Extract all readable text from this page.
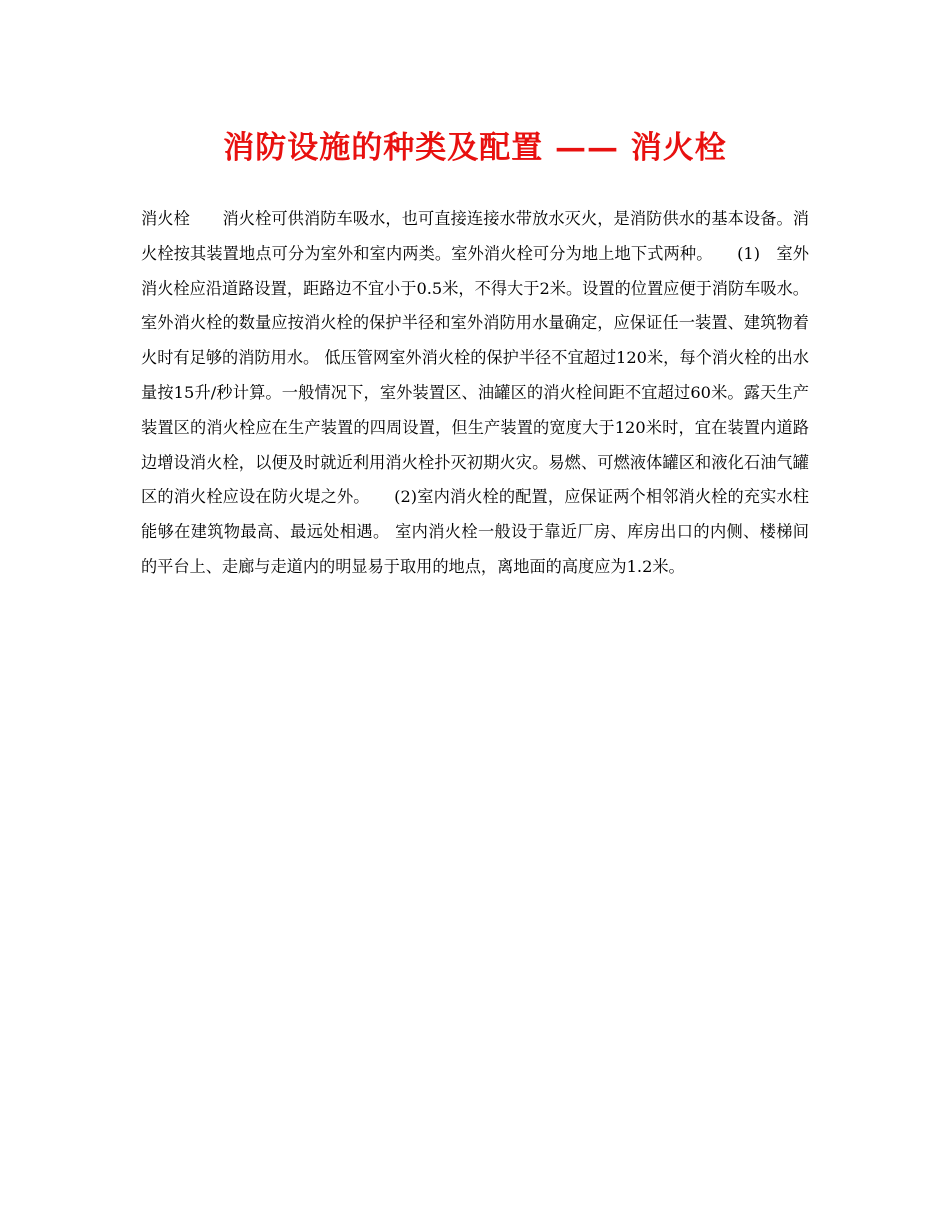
消防设施的种类及配置 —— 消火栓

消火栓　　消火栓可供消防车吸水，也可直接连接水带放水灭火，是消防供水的基本设备。消火栓按其装置地点可分为室外和室内两类。室外消火栓可分为地上地下式两种。　　(1)　室外消火栓应沿道路设置，距路边不宜小于0.5米，不得大于2米。设置的位置应便于消防车吸水。室外消火栓的数量应按消火栓的保护半径和室外消防用水量确定，应保证任一装置、建筑物着火时有足够的消防用水。 低压管网室外消火栓的保护半径不宜超过120米，每个消火栓的出水量按15升/秒计算。一般情况下，室外装置区、油罐区的消火栓间距不宜超过60米。露天生产装置区的消火栓应在生产装置的四周设置，但生产装置的宽度大于120米时，宜在装置内道路边增设消火栓，以便及时就近利用消火栓扑灭初期火灾。易燃、可燃液体罐区和液化石油气罐区的消火栓应设在防火堤之外。　　(2)室内消火栓的配置，应保证两个相邻消火栓的充实水柱能够在建筑物最高、最远处相遇。 室内消火栓一般设于靠近厂房、库房出口的内侧、楼梯间的平台上、走廊与走道内的明显易于取用的地点，离地面的高度应为1.2米。
